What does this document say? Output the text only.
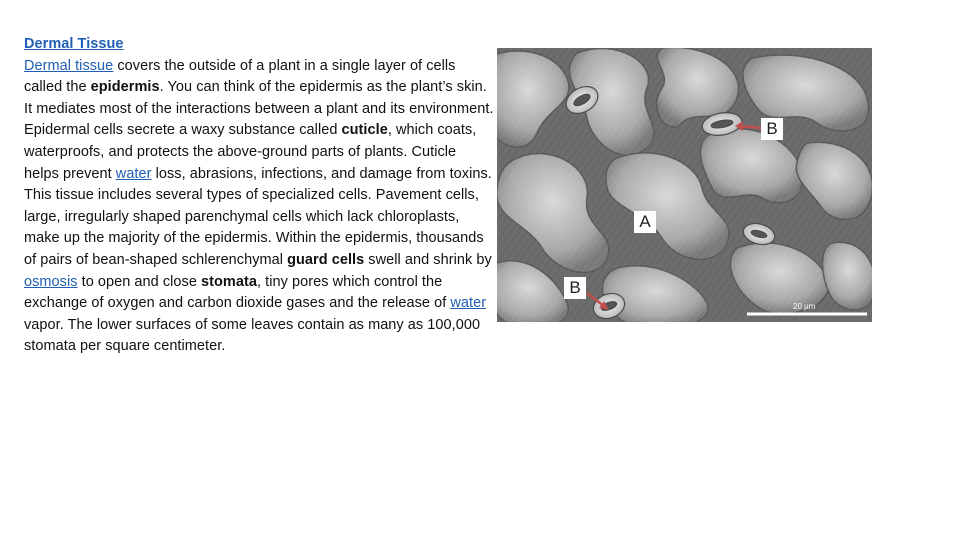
Dermal Tissue

Dermal tissue covers the outside of a plant in a single layer of cells called the epidermis. You can think of the epidermis as the plant’s skin. It mediates most of the interactions between a plant and its environment. Epidermal cells secrete a waxy substance called cuticle, which coats, waterproofs, and protects the above-ground parts of plants. Cuticle helps prevent water loss, abrasions, infections, and damage from toxins.

This tissue includes several types of specialized cells. Pavement cells, large, irregularly shaped parenchymal cells which lack chloroplasts, make up the majority of the epidermis. Within the epidermis, thousands of pairs of bean-shaped schlerenchymal guard cells swell and shrink by osmosis to open and close stomata, tiny pores which control the exchange of oxygen and carbon dioxide gases and the release of water vapor. The lower surfaces of some leaves contain as many as 100,000 stomata per square centimeter.

20 µm
B
A
B
